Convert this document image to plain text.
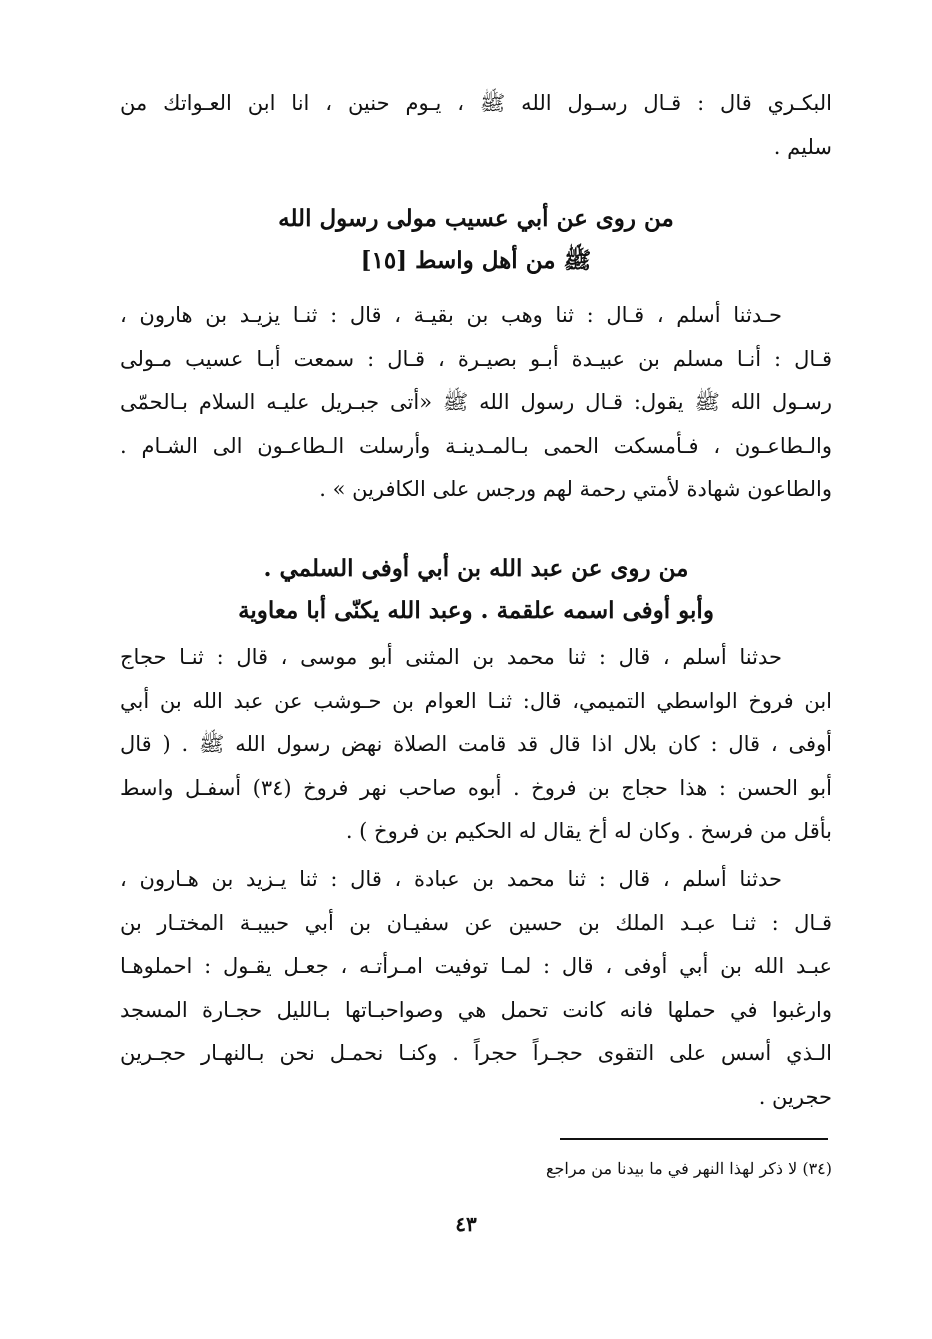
البكـري قال : قـال رسـول الله ﷺ ، يـوم حنين ، انا ابن العـواتك من
سليم .
من روى عن أبي عسيب مولى رسول الله
ﷺ من أهل واسط [١٥]
حـدثنا أسلم ، قـال : ثنا وهب بن بقيـة ، قال : ثنـا يزيـد بن هارون ،
قـال : أنـا مسلم بن عبيـدة أبـو بصيـرة ، قـال : سمعت أبـا عسيب مـولى
رسـول الله ﷺ يقول: قـال رسول الله ﷺ «أتى جبـريل عليـه السلام بـالحمّى
والـطاعـون ، فـأمسكت الحمى بـالمـدينـة وأرسلت الـطاعـون الى الشـام .
والطاعون شهادة لأمتي رحمة لهم ورجس على الكافرين » .
من روى عن عبد الله بن أبي أوفى السلمي .
وأبو أوفى اسمه علقمة . وعبد الله يكنّى أبا معاوية
حدثنا أسلم ، قال : ثنا محمد بن المثنى أبو موسى ، قال : ثنـا حجاج
ابن فروخ الواسطي التميمي، قال: ثنـا العوام بن حـوشب عن عبد الله بن أبي
أوفى ، قال : كان بلال اذا قال قد قامت الصلاة نهض رسول الله ﷺ . ( قال
أبو الحسن : هذا حجاج بن فروخ . أبوه صاحب نهر فروخ (٣٤) أسفـل واسط
بأقل من فرسخ . وكان له أخ يقال له الحكيم بن فروخ ) .
حدثنا أسلم ، قال : ثنا محمد بن عبادة ، قال : ثنا يـزيد بن هـارون ،
قـال : ثنـا عبـد الملك بن حسين عن سفيـان بن أبي حبيبـة المختـار بن
عبـد الله بن أبي أوفى ، قال : لمـا توفيت امـرأتـه ، جعـل يقـول : احملوهـا
وارغبوا في حملها فانه كانت تحمل هي وصواحبـاتها بـالليل حجـارة المسجد
الـذي أسس على التقوى حجـراً حجراً . وكنـا نحمـل نحن بـالنهـار حجـرين
حجرين .
(٣٤) لا ذكر لهذا النهر في ما بيدنا من مراجع
٤٣
